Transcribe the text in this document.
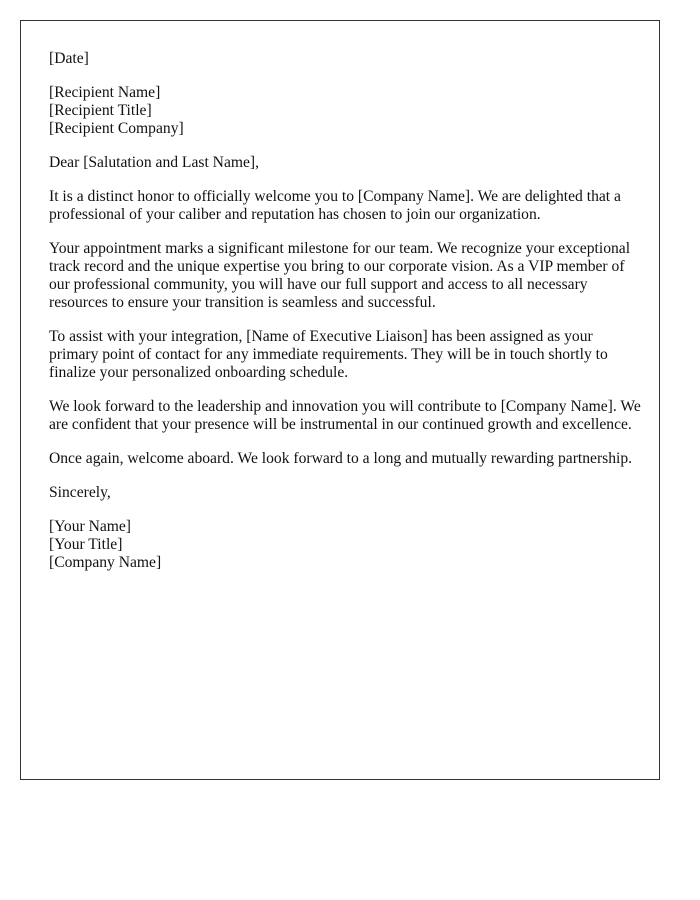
[Date]
[Recipient Name]
[Recipient Title]
[Recipient Company]
Dear [Salutation and Last Name],

It is a distinct honor to officially welcome you to [Company Name]. We are delighted that a professional of your caliber and reputation has chosen to join our organization.

Your appointment marks a significant milestone for our team. We recognize your exceptional track record and the unique expertise you bring to our corporate vision. As a VIP member of our professional community, you will have our full support and access to all necessary resources to ensure your transition is seamless and successful.

To assist with your integration, [Name of Executive Liaison] has been assigned as your primary point of contact for any immediate requirements. They will be in touch shortly to finalize your personalized onboarding schedule.

We look forward to the leadership and innovation you will contribute to [Company Name]. We are confident that your presence will be instrumental in our continued growth and excellence.

Once again, welcome aboard. We look forward to a long and mutually rewarding partnership.

Sincerely,
[Your Name]
[Your Title]
[Company Name]
